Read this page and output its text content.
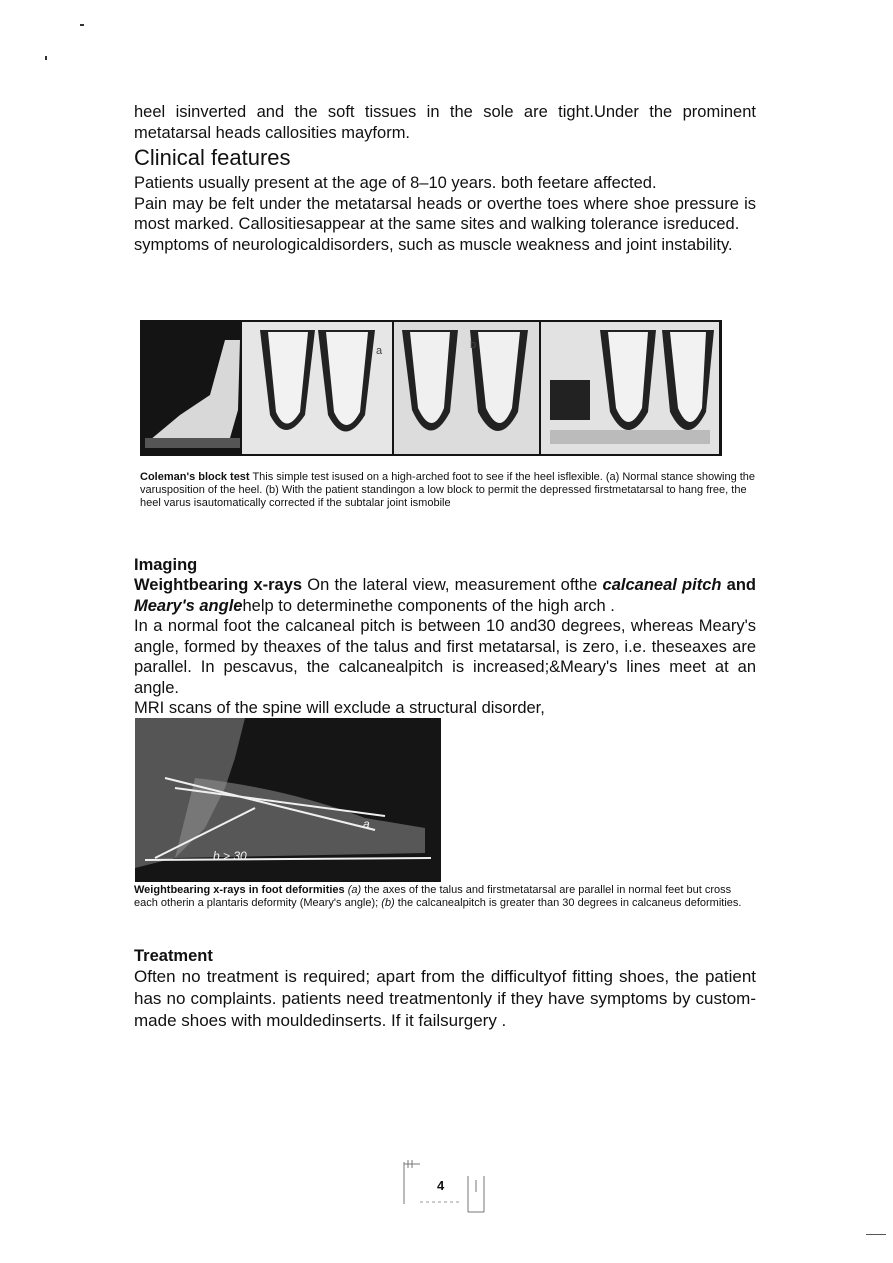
heel isinverted and the soft tissues in the sole are tight.Under the prominent metatarsal heads callosities mayform.

Clinical features

Patients usually present at the age of 8–10 years. both feetare affected.

Pain may be felt under the metatarsal heads or overthe toes where shoe pressure is most marked. Callositiesappear at the same sites and walking tolerance isreduced.

symptoms of neurologicaldisorders, such as muscle weakness and joint instability.

a	b
Coleman's block test This simple test isused on a high-arched foot to see if the heel isflexible. (a) Normal stance showing the varusposition of the heel. (b) With the patient standingon a low block to permit the depressed firstmetatarsal to hang free, the heel varus isautomatically corrected if the subtalar joint ismobile
Imaging

Weightbearing x-rays On the lateral view, measurement ofthe calcaneal pitch and Meary's anglehelp to determinethe components of the high arch .

In a normal foot the calcaneal pitch is between 10 and30 degrees, whereas Meary's angle, formed by theaxes of the talus and first metatarsal, is zero, i.e. theseaxes are parallel. In pescavus, the calcanealpitch is increased;&Meary's lines meet at an angle.

MRI scans of the spine will exclude a structural disorder,

a
b > 30
Weightbearing x-rays in foot deformities (a) the axes of the talus and firstmetatarsal are parallel in normal feet but cross each otherin a plantaris deformity (Meary's angle); (b) the calcanealpitch is greater than 30 degrees in calcaneus deformities.
Treatment

Often no treatment is required; apart from the difficultyof fitting shoes, the patient has no complaints. patients need treatmentonly if they have symptoms by custom-made shoes with mouldedinserts. If it failsurgery .

4
